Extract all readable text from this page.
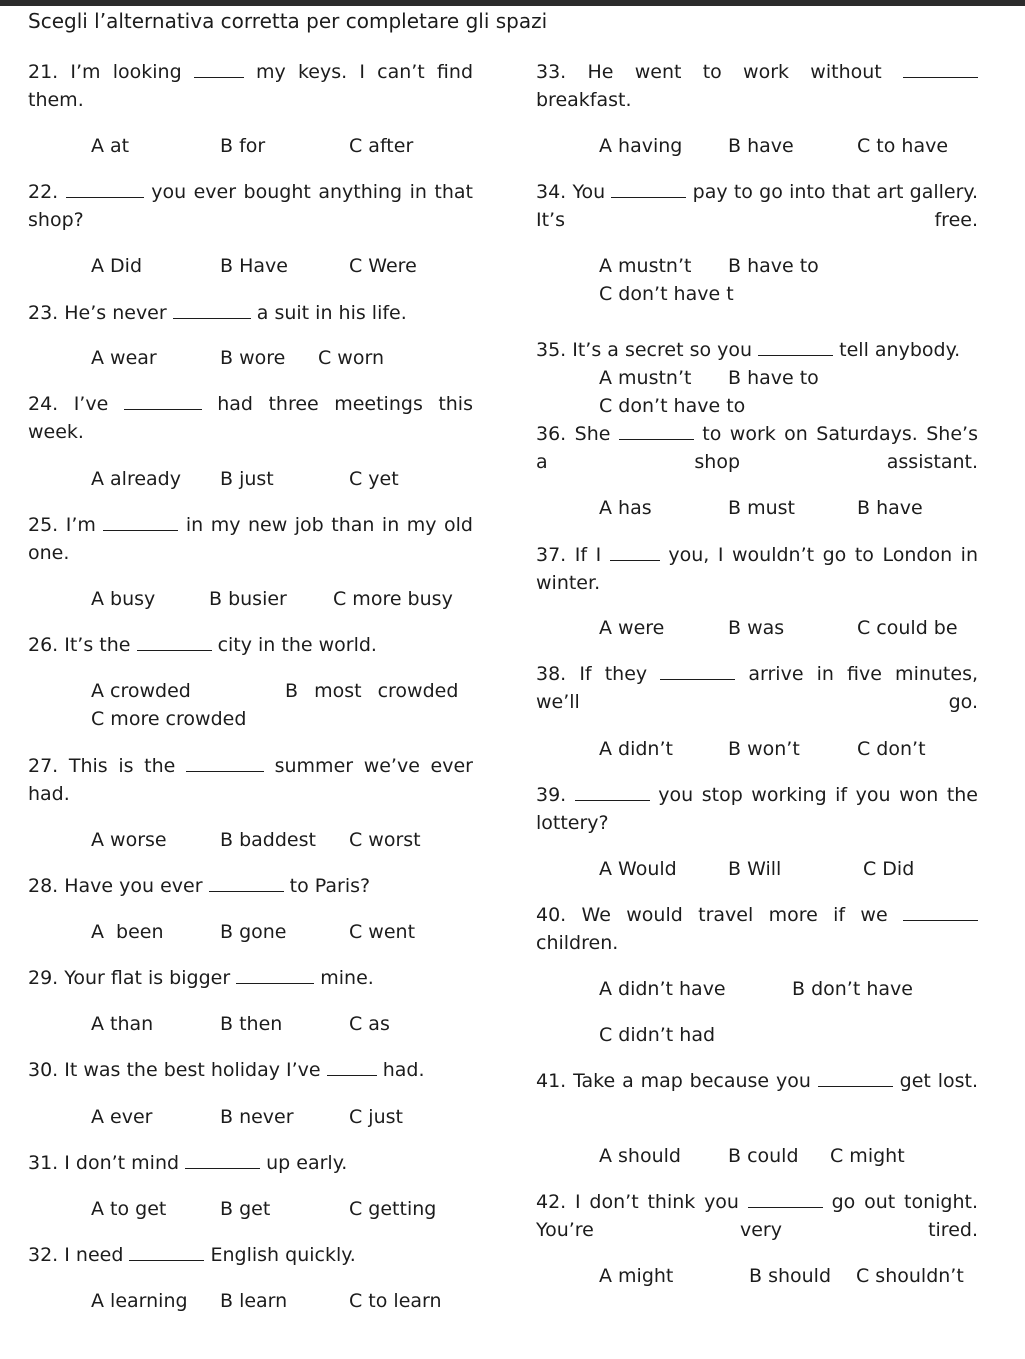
Scegli l’alternativa corretta per completare gli spazi
21. I’m looking	my keys. I can’t find them.
A at	B for	C after
22.	you ever bought anything in that shop?
A Did	B Have	C Were
23. He’s never	a suit in his life.
A wear	B wore C worn
24. I’ve	had three meetings this week.
A already B just	C yet
25. I’m	in my new job than in my old one.
A busy	B busier C more busy
26. It’s the	city in the world.
A crowded	B most crowded
C more crowded
27. This is the	summer we’ve ever had.
A worse	B baddest C worst
28. Have you ever	to Paris?
A been	B gone	C went
29. Your flat is bigger	mine.
A than	B then	C as
30. It was the best holiday I’ve	had.
A ever	B never	C just
31. I don’t mind	up early.
A to get	B get	C getting
32. I need	English quickly.
A learning B learn	C to learn
33. He went to work without  breakfast.
A having B have	C to have
34. You	pay to go into that art gallery. It’s free.
A mustn’t B have to
C don’t have t
35. It’s a secret so you	tell anybody.
A mustn’t B have to
C don’t have to
36. She	to work on Saturdays. She’s a shop assistant.
A has	B must	B have
37. If I	you, I wouldn’t go to London in winter.
A were	B was	C could be
38. If they	arrive in five minutes, we’ll go.
A didn’t	B won’t	C don’t
39.	you stop working if you won the lottery?
A Would	B Will	C Did
40. We would travel more if we  children.
A didn’t have	B don’t have
C didn’t had
41. Take a map because you	get lost.
A should B could C might
42. I don’t think you	go out tonight. You’re very tired.
A might	B should C shouldn’t
